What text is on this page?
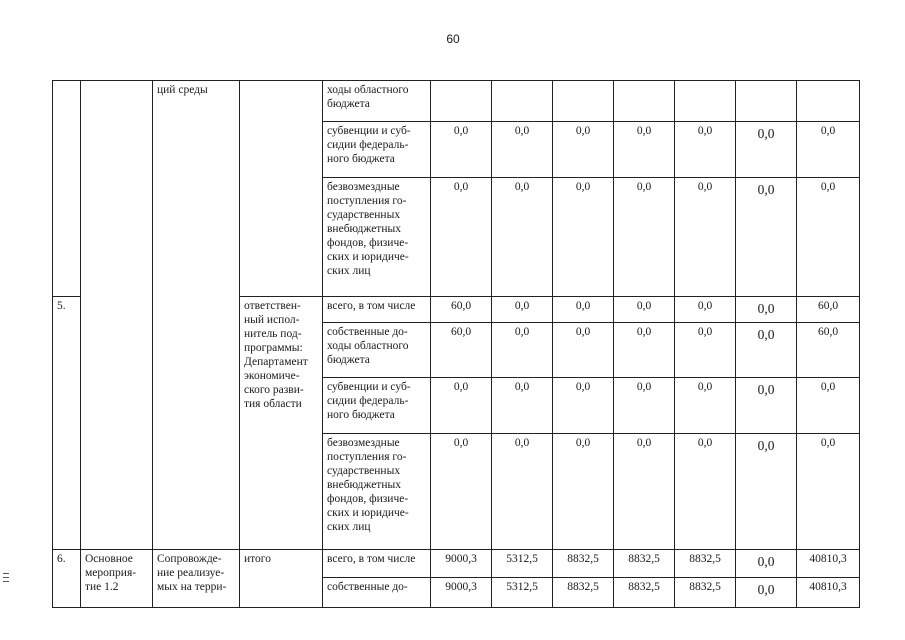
60
		ций среды		ходы областного бюджета							
				субвенции и суб-сидии федераль-ного бюджета	0,0	0,0	0,0	0,0	0,0	0,0	0,0
				безвозмездные поступления го-сударственных внебюджетных фондов, физиче-ских и юридиче-ских лиц	0,0	0,0	0,0	0,0	0,0	0,0	0,0
5.			ответствен-ный испол-нитель под-программы: Департамент экономиче-ского разви-тия области	всего, в том числе	60,0	0,0	0,0	0,0	0,0	0,0	60,0
				собственные до-ходы областного бюджета	60,0	0,0	0,0	0,0	0,0	0,0	60,0
				субвенции и суб-сидии федераль-ного бюджета	0,0	0,0	0,0	0,0	0,0	0,0	0,0
				безвозмездные поступления го-сударственных внебюджетных фондов, физиче-ских и юридиче-ских лиц	0,0	0,0	0,0	0,0	0,0	0,0	0,0
6.	Основное мероприя-тие 1.2	Сопровожде-ние реализуе-мых на терри-	итого	всего, в том числе	9000,3	5312,5	8832,5	8832,5	8832,5	0,0	40810,3
				собственные до-	9000,3	5312,5	8832,5	8832,5	8832,5	0,0	40810,3
